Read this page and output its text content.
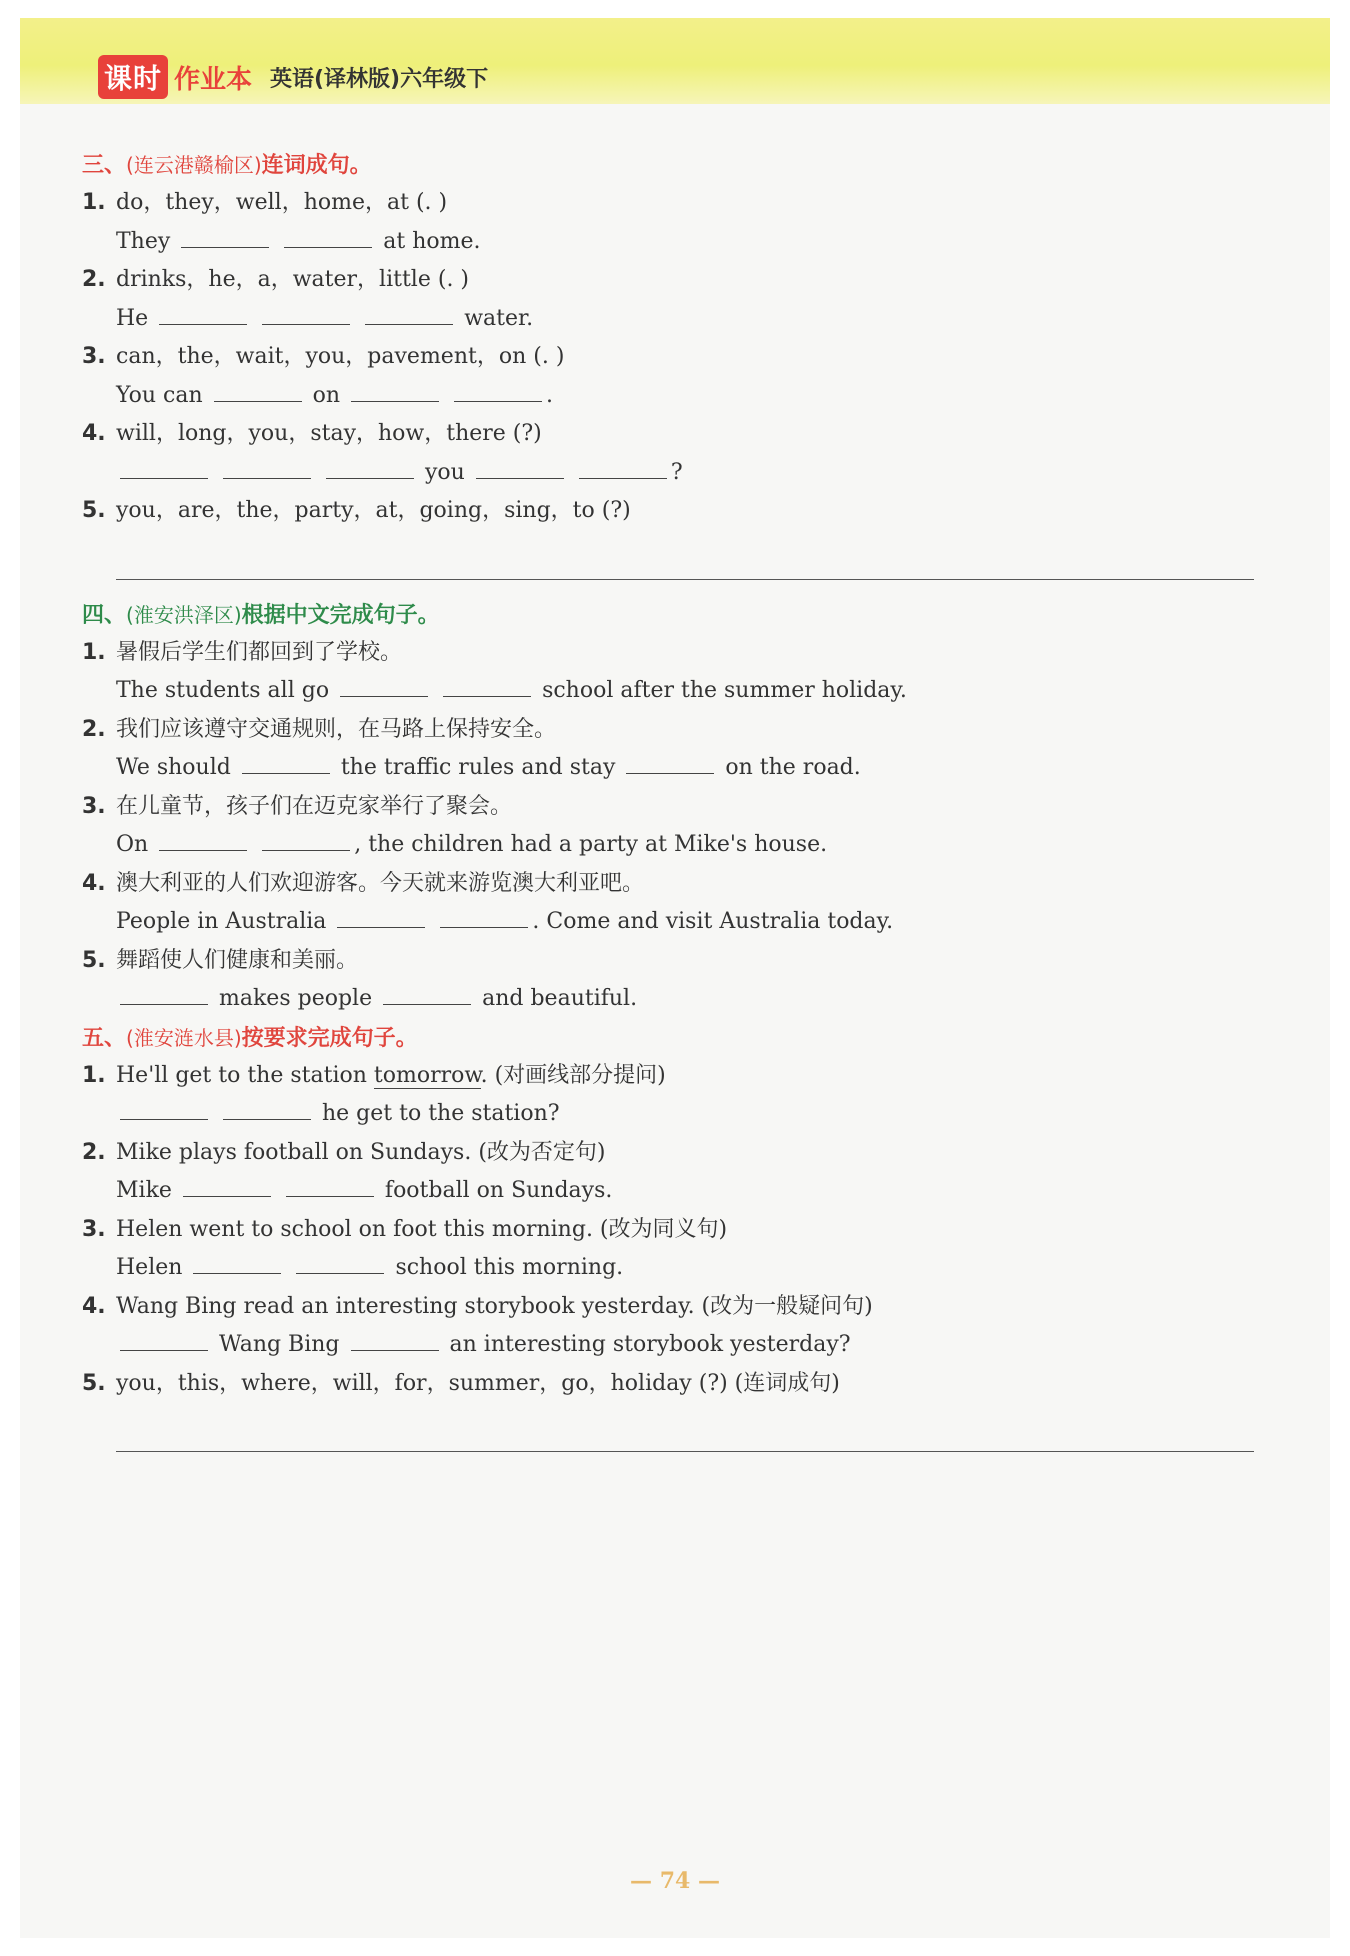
课时 作业本 英语(译林版)六年级下
三、(连云港赣榆区)连词成句。
1. do，they，well，home，at (. )
They	at home.
2. drinks，he，a，water，little (. )
He	water.
3. can，the，wait，you，pavement，on (. )
You can	on	.
4. will，long，you，stay，how，there (?)
you	?
5. you，are，the，party，at，going，sing，to (?)
四、(淮安洪泽区)根据中文完成句子。
1. 暑假后学生们都回到了学校。
The students all go	school after the summer holiday.
2. 我们应该遵守交通规则，在马路上保持安全。
We should	the traffic rules and stay	on the road.
3. 在儿童节，孩子们在迈克家举行了聚会。
On	, the children had a party at Mike's house.
4. 澳大利亚的人们欢迎游客。今天就来游览澳大利亚吧。
People in Australia	. Come and visit Australia today.
5. 舞蹈使人们健康和美丽。
makes people	and beautiful.
五、(淮安涟水县)按要求完成句子。
1. He'll get to the station tomorrow. (对画线部分提问)
he get to the station?
2. Mike plays football on Sundays. (改为否定句)
Mike	football on Sundays.
3. Helen went to school on foot this morning. (改为同义句)
Helen	school this morning.
4. Wang Bing read an interesting storybook yesterday. (改为一般疑问句)
Wang Bing	an interesting storybook yesterday?
5. you，this，where，will，for，summer，go，holiday (?) (连词成句)
— 74 —
